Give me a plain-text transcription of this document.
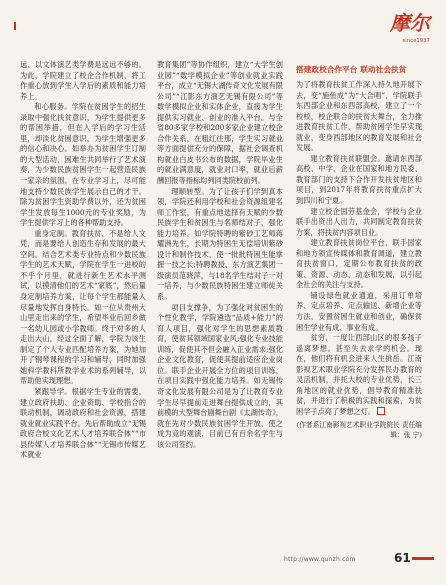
摩尔
since1937

远、以文体演艺类学费是远远不够的。为此，学院建立了校企合作机制，将工作重心放到学生入学后的素质和能力培养上。

和心服务。学院在贫困学生的招生录取中强化扶贫意识，为学生提供更多的帮困举措，但在入学后的学习生活里，却淡化贫困意识，为学生增强更多的信心和决心。如举办为贫困学生订制的大型活动，困难生共同举行了艺术演奏，为少数民族贫困学生一起营造民族一家亲的氛围。在专业学习上，尽可能地支持少数民族学生展示自己的才干。除为贫困学生资助学费以外，还为贫困学生发放每生1000元的专业奖励，为学生提供学习上的各种帮助支持。

重身定制。教育扶贫，不是给人文凭，而是要给人创造生存和发展的最大空间。结合艺术类专业特点和少数民族学生的艺术天赋，学院在学生一进校的不乎个月里，就进行新生艺术水平测试，以摸清他们的艺术“家底”，然后量身定制培养方案，让每个学生都能量入尽量地发挥自身特长。如一位从贵州大山里走出来的学生，希望毕业后回乡做一名幼儿园或小学教师。终于对多的人走出大山，经过全面了解，学院为该生制定了个人专业匹配培养方案，为她加开了钢琴课程的学习和辅导，同时加强她科学教科所教学业术的系列辅导，以帮助他实现理想。

紧跟导学。根据学生专业的需要，建立政府扶助、企业资助、学校指合的联动机制，调动政府和社会资源，搭建就业就业实践平台。先后帮助成立“无锡政府合校文化艺术人才培养联合体”“市县传媒人才培养联合体”“无锡市传媒艺术就业

教育集团”等协作组织，建立“大学生创业园”“数学模拟企业”等创业就业实践平台，成立“无锡大湖传奇文化发展有限公司”“江影东方演艺无锡有限公司”等数学模拟企业和实体企业，直接为学生提供实习就业、创业的准入平台。与全省80多家学校和200多家企业建立校企合作关系，在粗红往那，学生实习就业等方面提供充分的保障，据社会调查机构就业白皮书公布的数据，学院毕业生的就业满意度，就业对口率，就业后薪酬回报等指标均列同类院校前列。

理顺转型。为了让孩子们学到真本领，学院还利用学校和社会资源组建名师工作室，有重点地选择有天赋的少数民族学生和贫困生与名师结对子，强化能力培养。如学院特聘的紫砂工艺师蒋耀洲先生，长期为特困生无偿培训紫砂设计和制作技术，使一批批特困生能掌握一技之长;特聘教授、东方演艺集团一级演员范晓萍，与18名学生结对子一对一培养，与少数民族特困生建立师徒关系。

项目支撑争，为了强化对贫困生的个性化教学，学院遴选“品质+能力”的育人项目，强化对学生的思想素质教育，使贫其领域国家业风;强化专业技能训练，促使其不但会融入正业需求;强化企业文化教育，促使其提前适应企业岗位。联手企业开展全方位的项目训练，在项目实践中强化能力培养。如无锡传奇文化发展有限公司是为了让教育专业学生尽早提前走进舞台提供成立的，其前模的大型舞台剧舞台剧《太湖传奇》，就在先对少数民族贫困学生开放，使之成为竞的观演，目前已有百余名学生与该公司签约。

搭建政校合作平台 联动社会扶贫

为了将教育扶贫工作深入持久地开展下去，变“施鱼成”为“大合唱”，学院联手东西部企业和东西部高校，建立了一个校校，校企联合的扶贫大舞台，全力推进教育扶贫工作，帮助贫困学生早实现就业，变身西部地区的教育发展和社会发展。

建立教育扶贫联盟会。邀请东西部高校、中学、企业在国家和地方民委、教育部门的支持下合作开发扶贫地区和项目，到2017年将教育扶贫重点扩大到四川和宁夏。

建立校企国劳基金会，学校与企业联手出资出人出力，共同制定教育扶贫方案，将扶贫内容项目业。

建立教育扶贫岗位平台，联手国家和地方领宣传媒体和教育调道，建立教育扶贫窗口，定期公布教育扶贫的政策、资源、动态，动态和发展，以引起全社会的关注与支持。

铺设绿色就业通道，采用订单培养、定点培养、定点输送、新增企业等方法，安置贫困生就业和创业，确保贫困生学业有成、事业有成。

贫穷，一度让西部山区的很多孩子遥离梦想。甚至失去求学的机会。现在，他们将有机会进来人生挑岳。江南影视艺术职业学院充分发挥民办教育的灵活机制，并托大校的专业优势，长三角地区的就业优势，倡导教育精准扶贫，并进行了积极的实践和探索，为贫困学子点亮了梦想之灯。

(作者系江南影视艺术职业学院院长 责任编辑：张 宁)
http://www.qunzh.com	61
